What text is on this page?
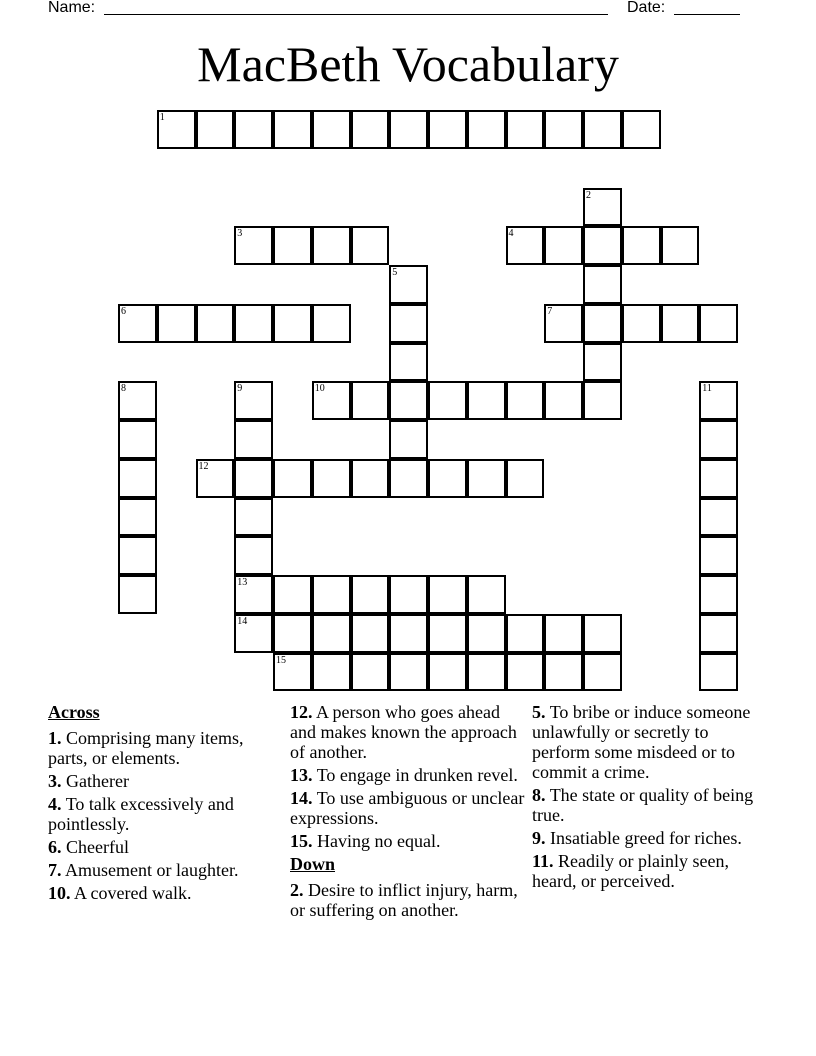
Name:	Date:
MacBeth Vocabulary
1
2
3	4
5
6	7
8	9
13
14
10	11
12
15
Across
1. Comprising many items, parts, or elements.
3. Gatherer
4. To talk excessively and pointlessly.
6. Cheerful
7. Amusement or laughter.
10. A covered walk.
12. A person who goes ahead and makes known the approach of another.
13. To engage in drunken revel.
14. To use ambiguous or unclear expressions.
15. Having no equal.
Down
2. Desire to inflict injury, harm, or suffering on another.
5. To bribe or induce someone unlawfully or secretly to perform some misdeed or to commit a crime.
8. The state or quality of being true.
9. Insatiable greed for riches.
11. Readily or plainly seen, heard, or perceived.
